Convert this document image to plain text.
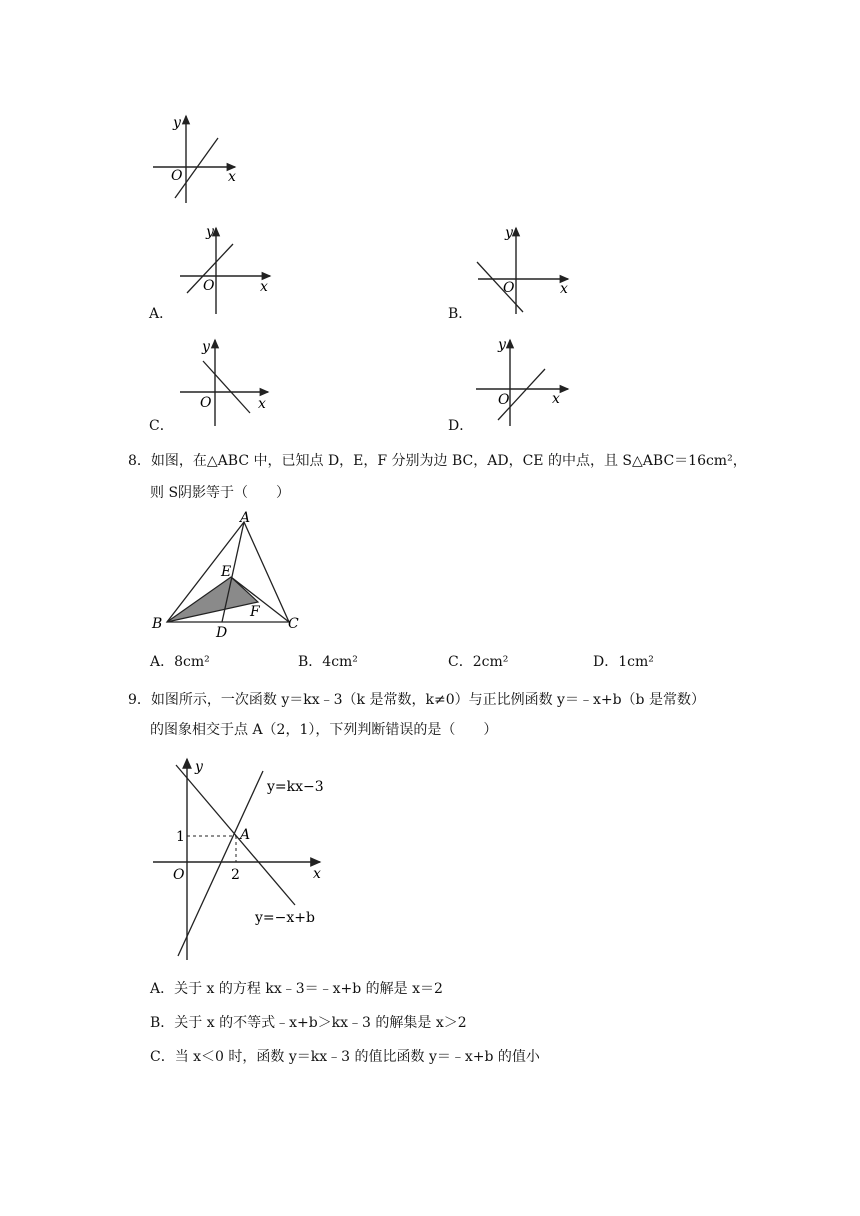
y
x
O
y
x
O
A．
y
x
O
B．
y
x
O
C．
y
x
O
D．
8．如图，在△ABC 中，已知点 D，E，F 分别为边 BC，AD，CE 的中点，且 S△ABC＝16cm²，
则 S阴影等于（　　）
A
B	C
D
E
F
A．8cm²	B．4cm²	C．2cm²	D．1cm²
9．如图所示，一次函数 y＝kx﹣3（k 是常数，k≠0）与正比例函数 y＝﹣x+b（b 是常数）
的图象相交于点 A（2，1），下列判断错误的是（　　）
y
x
O
1
2
A
y=kx−3
y=−x+b
A．关于 x 的方程 kx﹣3＝﹣x+b 的解是 x＝2
B．关于 x 的不等式﹣x+b＞kx﹣3 的解集是 x＞2
C．当 x＜0 时，函数 y＝kx﹣3 的值比函数 y＝﹣x+b 的值小
